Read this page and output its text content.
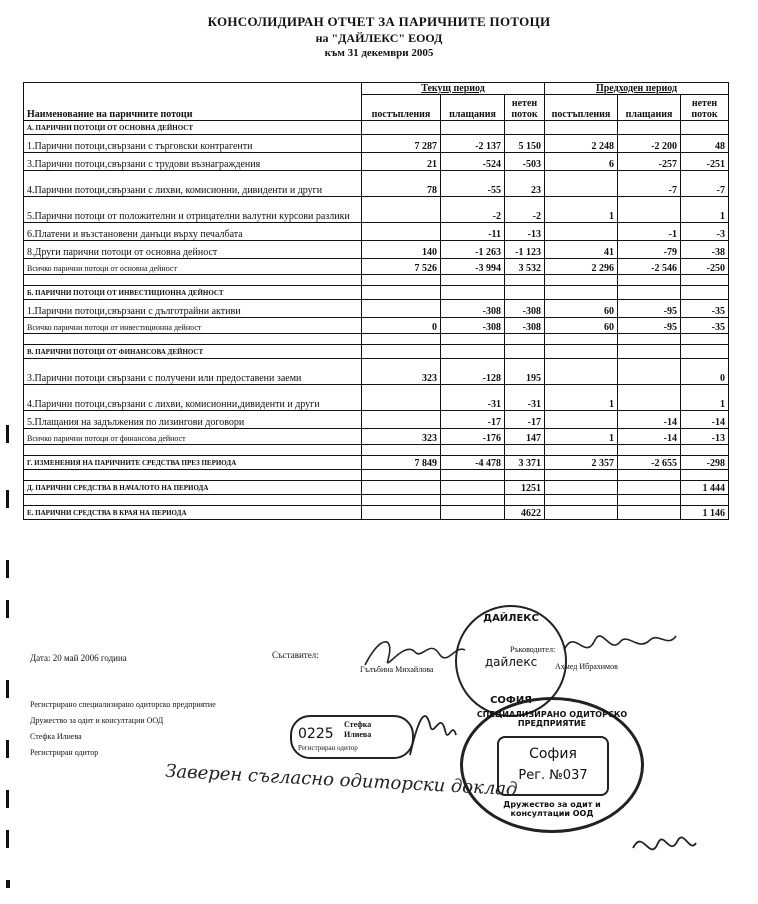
КОНСОЛИДИРАН ОТЧЕТ ЗА ПАРИЧНИТЕ ПОТОЦИ
на "ДАЙЛЕКС" ЕООД
към 31 декември 2005
Наименование на паричните потоци	Текущ период			Предходен период		
	постъпления	плащания	нетен поток	постъпления	плащания	нетен поток
А. ПАРИЧНИ ПОТОЦИ ОТ ОСНОВНА ДЕЙНОСТ						
1.Парични потоци,свързани с търговски контрагенти	7 287	-2 137	5 150	2 248	-2 200	48
3.Парични потоци,свързани с трудови възнаграждения	21	-524	-503	6	-257	-251
4.Парични потоци,свързани с лихви, комисионни, дивиденти и други	78	-55	23		-7	-7
5.Парични потоци от положителни и отрицателни валутни курсови разлики		-2	-2	1		1
6.Платени и възстановени данъци върху печалбата		-11	-13		-1	-3
8.Други парични потоци от основна дейност	140	-1 263	-1 123	41	-79	-38
Всичко парични потоци от основна дейност	7 526	-3 994	3 532	2 296	-2 546	-250

Б. ПАРИЧНИ ПОТОЦИ ОТ ИНВЕСТИЦИОННА ДЕЙНОСТ						
1.Парични потоци,свързани с дълготрайни активи		-308	-308	60	-95	-35
Всичко парични потоци от инвестиционна дейност	0	-308	-308	60	-95	-35

В. ПАРИЧНИ ПОТОЦИ ОТ ФИНАНСОВА ДЕЙНОСТ						
3.Парични потоци свързани с получени или предоставени заеми	323	-128	195			0
4.Парични потоци,свързани с лихви, комисионни,дивиденти и други		-31	-31	1		1
5.Плащания на задължения по лизингови договори		-17	-17		-14	-14
Всичко парични потоци от финансова дейност	323	-176	147	1	-14	-13

Г. ИЗМЕНЕНИЯ НА ПАРИЧНИТЕ СРЕДСТВА ПРЕЗ ПЕРИОДА	7 849	-4 478	3 371	2 357	-2 655	-298

Д. ПАРИЧНИ СРЕДСТВА В НАЧАЛОТО НА ПЕРИОДА			1251			1 444

Е. ПАРИЧНИ СРЕДСТВА В КРАЯ НА ПЕРИОДА			4622			1 146
Дата: 20 май 2006 година	Съставител:
Гълъбина Михайлова
Ръководител:
Ахмед Ибрахимов
Регистрирано специализирано одиторско предприятие
Дружество за одит и консултации ООД
Стефка Илиева
Регистриран одитор
Заверен съгласно одиторски доклад
ДАЙЛЕКС
дайлекс
СОФИЯ
0225
Стефка
Илиева
Регистриран одитор
СПЕЦИАЛИЗИРАНО ОДИТОРСКО ПРЕДПРИЯТИЕ
София
Рег. №037
Дружество за одит и консултации ООД
